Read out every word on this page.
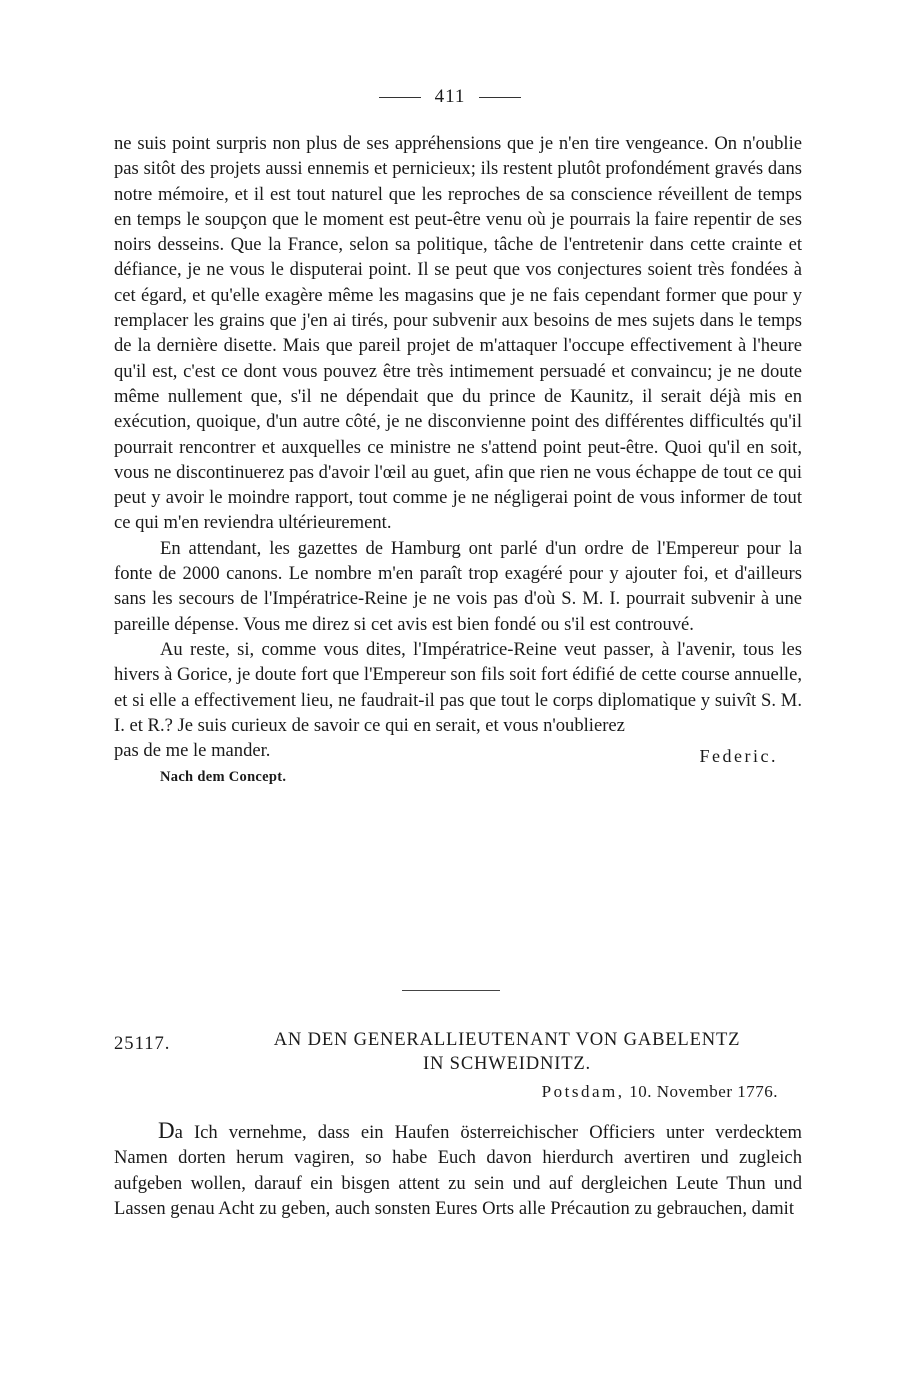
411

ne suis point surpris non plus de ses appréhensions que je n'en tire vengeance. On n'oublie pas sitôt des projets aussi ennemis et pernicieux; ils restent plutôt profondément gravés dans notre mémoire, et il est tout naturel que les reproches de sa conscience réveillent de temps en temps le soupçon que le moment est peut-être venu où je pourrais la faire repentir de ses noirs desseins. Que la France, selon sa politique, tâche de l'entretenir dans cette crainte et défiance, je ne vous le disputerai point. Il se peut que vos conjectures soient très fondées à cet égard, et qu'elle exagère même les magasins que je ne fais cependant former que pour y remplacer les grains que j'en ai tirés, pour subvenir aux besoins de mes sujets dans le temps de la dernière disette. Mais que pareil projet de m'attaquer l'occupe effectivement à l'heure qu'il est, c'est ce dont vous pouvez être très intimement persuadé et convaincu; je ne doute même nullement que, s'il ne dépendait que du prince de Kaunitz, il serait déjà mis en exécution, quoique, d'un autre côté, je ne disconvienne point des différentes difficultés qu'il pourrait rencontrer et auxquelles ce ministre ne s'attend point peut-être. Quoi qu'il en soit, vous ne discontinuerez pas d'avoir l'œil au guet, afin que rien ne vous échappe de tout ce qui peut y avoir le moindre rapport, tout comme je ne négligerai point de vous informer de tout ce qui m'en reviendra ultérieurement.

En attendant, les gazettes de Hamburg ont parlé d'un ordre de l'Empereur pour la fonte de 2000 canons. Le nombre m'en paraît trop exagéré pour y ajouter foi, et d'ailleurs sans les secours de l'Impératrice-Reine je ne vois pas d'où S. M. I. pourrait subvenir à une pareille dépense. Vous me direz si cet avis est bien fondé ou s'il est controuvé.

Au reste, si, comme vous dites, l'Impératrice-Reine veut passer, à l'avenir, tous les hivers à Gorice, je doute fort que l'Empereur son fils soit fort édifié de cette course annuelle, et si elle a effectivement lieu, ne faudrait-il pas que tout le corps diplomatique y suivît S. M. I. et R.? Je suis curieux de savoir ce qui en serait, et vous n'oublierez

pas de me le mander.	Federic.
Nach dem Concept.
25117.	AN DEN GENERALLIEUTENANT VON GABELENTZ
IN SCHWEIDNITZ.
Potsdam, 10. November 1776.

Da Ich vernehme, dass ein Haufen österreichischer Officiers unter verdecktem Namen dorten herum vagiren, so habe Euch davon hierdurch avertiren und zugleich aufgeben wollen, darauf ein bisgen attent zu sein und auf dergleichen Leute Thun und Lassen genau Acht zu geben, auch sonsten Eures Orts alle Précaution zu gebrauchen, damit
